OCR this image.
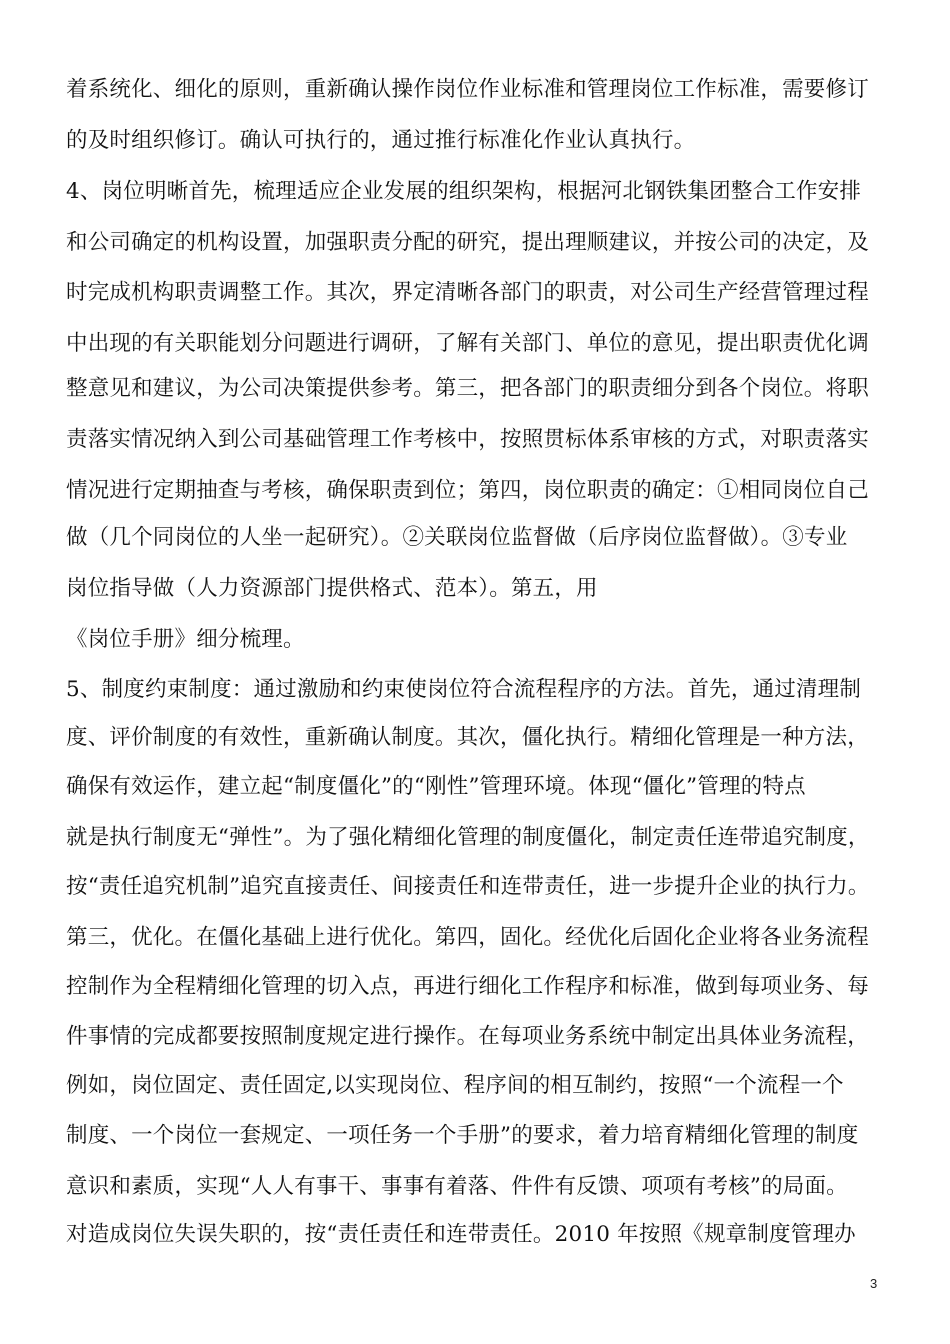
着系统化、细化的原则，重新确认操作岗位作业标准和管理岗位工作标准，需要修订
的及时组织修订。确认可执行的，通过推行标准化作业认真执行。
4、岗位明晰首先，梳理适应企业发展的组织架构，根据河北钢铁集团整合工作安排
和公司确定的机构设置，加强职责分配的研究，提出理顺建议，并按公司的决定，及
时完成机构职责调整工作。其次，界定清晰各部门的职责，对公司生产经营管理过程
中出现的有关职能划分问题进行调研，了解有关部门、单位的意见，提出职责优化调
整意见和建议，为公司决策提供参考。第三，把各部门的职责细分到各个岗位。将职
责落实情况纳入到公司基础管理工作考核中，按照贯标体系审核的方式，对职责落实
情况进行定期抽查与考核，确保职责到位；第四，岗位职责的确定：①相同岗位自己
做（几个同岗位的人坐一起研究）。②关联岗位监督做（后序岗位监督做）。③专业
岗位指导做（人力资源部门提供格式、范本）。第五，用
《岗位手册》细分梳理。
5、制度约束制度：通过激励和约束使岗位符合流程程序的方法。首先，通过清理制
度、评价制度的有效性，重新确认制度。其次，僵化执行。精细化管理是一种方法，
确保有效运作，建立起“制度僵化”的“刚性”管理环境。体现“僵化”管理的特点
就是执行制度无“弹性”。为了强化精细化管理的制度僵化，制定责任连带追究制度，
按“责任追究机制”追究直接责任、间接责任和连带责任，进一步提升企业的执行力。
第三，优化。在僵化基础上进行优化。第四，固化。经优化后固化企业将各业务流程
控制作为全程精细化管理的切入点，再进行细化工作程序和标准，做到每项业务、每
件事情的完成都要按照制度规定进行操作。在每项业务系统中制定出具体业务流程，
例如，岗位固定、责任固定,以实现岗位、程序间的相互制约，按照“一个流程一个
制度、一个岗位一套规定、一项任务一个手册”的要求，着力培育精细化管理的制度
意识和素质，实现“人人有事干、事事有着落、件件有反馈、项项有考核”的局面。
对造成岗位失误失职的，按“责任责任和连带责任。2010 年按照《规章制度管理办
3
